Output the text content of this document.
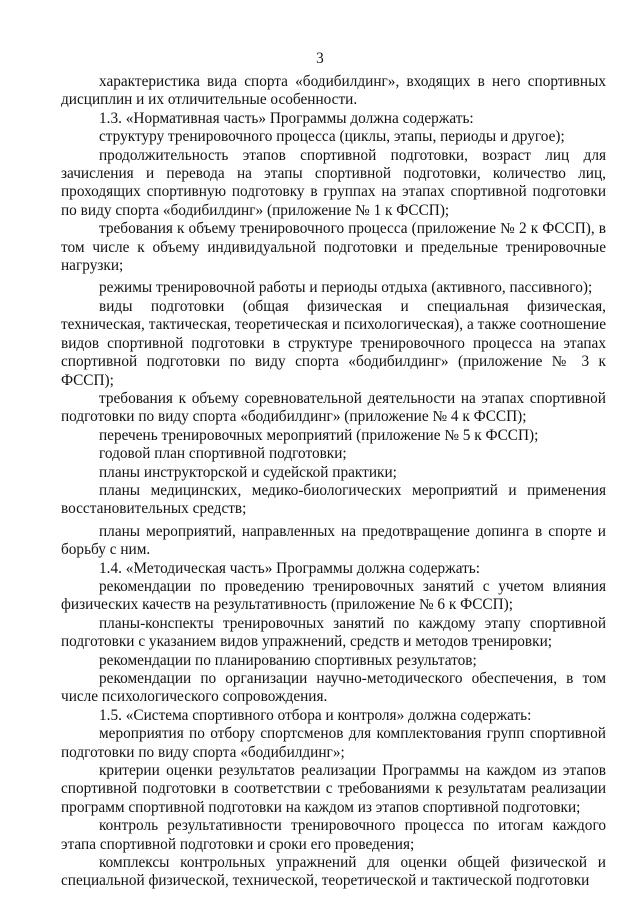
3

характеристика вида спорта «бодибилдинг», входящих в него спортивных дисциплин и их отличительные особенности.

1.3. «Нормативная часть» Программы должна содержать:

структуру тренировочного процесса (циклы, этапы, периоды и другое);

продолжительность этапов спортивной подготовки, возраст лиц для зачисления и перевода на этапы спортивной подготовки, количество лиц, проходящих спортивную подготовку в группах на этапах спортивной подготовки по виду спорта «бодибилдинг» (приложение № 1 к ФССП);

требования к объему тренировочного процесса (приложение № 2 к ФССП), в том числе к объему индивидуальной подготовки и предельные тренировочные нагрузки;

режимы тренировочной работы и периоды отдыха (активного, пассивного);

виды подготовки (общая физическая и специальная физическая, техническая, тактическая, теоретическая и психологическая), а также соотношение видов спортивной подготовки в структуре тренировочного процесса на этапах спортивной подготовки по виду спорта «бодибилдинг» (приложение № 3 к ФССП);

требования к объему соревновательной деятельности на этапах спортивной подготовки по виду спорта «бодибилдинг» (приложение № 4 к ФССП);

перечень тренировочных мероприятий (приложение № 5 к ФССП);

годовой план спортивной подготовки;

планы инструкторской и судейской практики;

планы медицинских, медико-биологических мероприятий и применения восстановительных средств;

планы мероприятий, направленных на предотвращение допинга в спорте и борьбу с ним.

1.4. «Методическая часть» Программы должна содержать:

рекомендации по проведению тренировочных занятий с учетом влияния физических качеств на результативность (приложение № 6 к ФССП);

планы-конспекты тренировочных занятий по каждому этапу спортивной подготовки с указанием видов упражнений, средств и методов тренировки;

рекомендации по планированию спортивных результатов;

рекомендации по организации научно-методического обеспечения, в том числе психологического сопровождения.

1.5. «Система спортивного отбора и контроля» должна содержать:

мероприятия по отбору спортсменов для комплектования групп спортивной подготовки по виду спорта «бодибилдинг»;

критерии оценки результатов реализации Программы на каждом из этапов спортивной подготовки в соответствии с требованиями к результатам реализации программ спортивной подготовки на каждом из этапов спортивной подготовки;

контроль результативности тренировочного процесса по итогам каждого этапа спортивной подготовки и сроки его проведения;

комплексы контрольных упражнений для оценки общей физической и специальной физической, технической, теоретической и тактической подготовки
